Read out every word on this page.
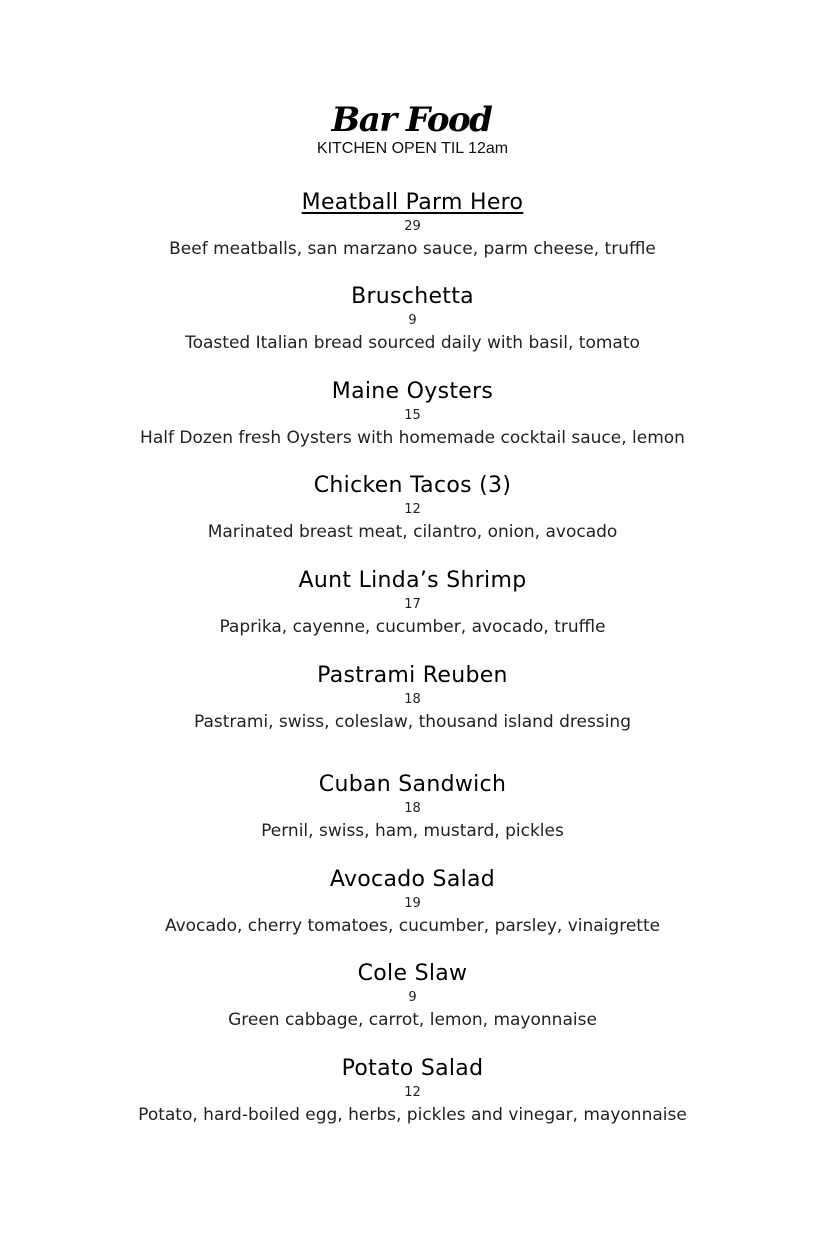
Bar Food
KITCHEN OPEN TIL 12am
Meatball Parm Hero
29
Beef meatballs, san marzano sauce, parm cheese, truffle
Bruschetta
9
Toasted Italian bread sourced daily with basil, tomato
Maine Oysters
15
Half Dozen fresh Oysters with homemade cocktail sauce, lemon
Chicken Tacos (3)
12
Marinated breast meat, cilantro, onion, avocado
Aunt Linda’s Shrimp
17
Paprika, cayenne, cucumber, avocado, truffle
Pastrami Reuben
18
Pastrami, swiss, coleslaw, thousand island dressing
Cuban Sandwich
18
Pernil, swiss, ham, mustard, pickles
Avocado Salad
19
Avocado, cherry tomatoes, cucumber, parsley, vinaigrette
Cole Slaw
9
Green cabbage, carrot, lemon, mayonnaise
Potato Salad
12
Potato, hard-boiled egg, herbs, pickles and vinegar, mayonnaise
